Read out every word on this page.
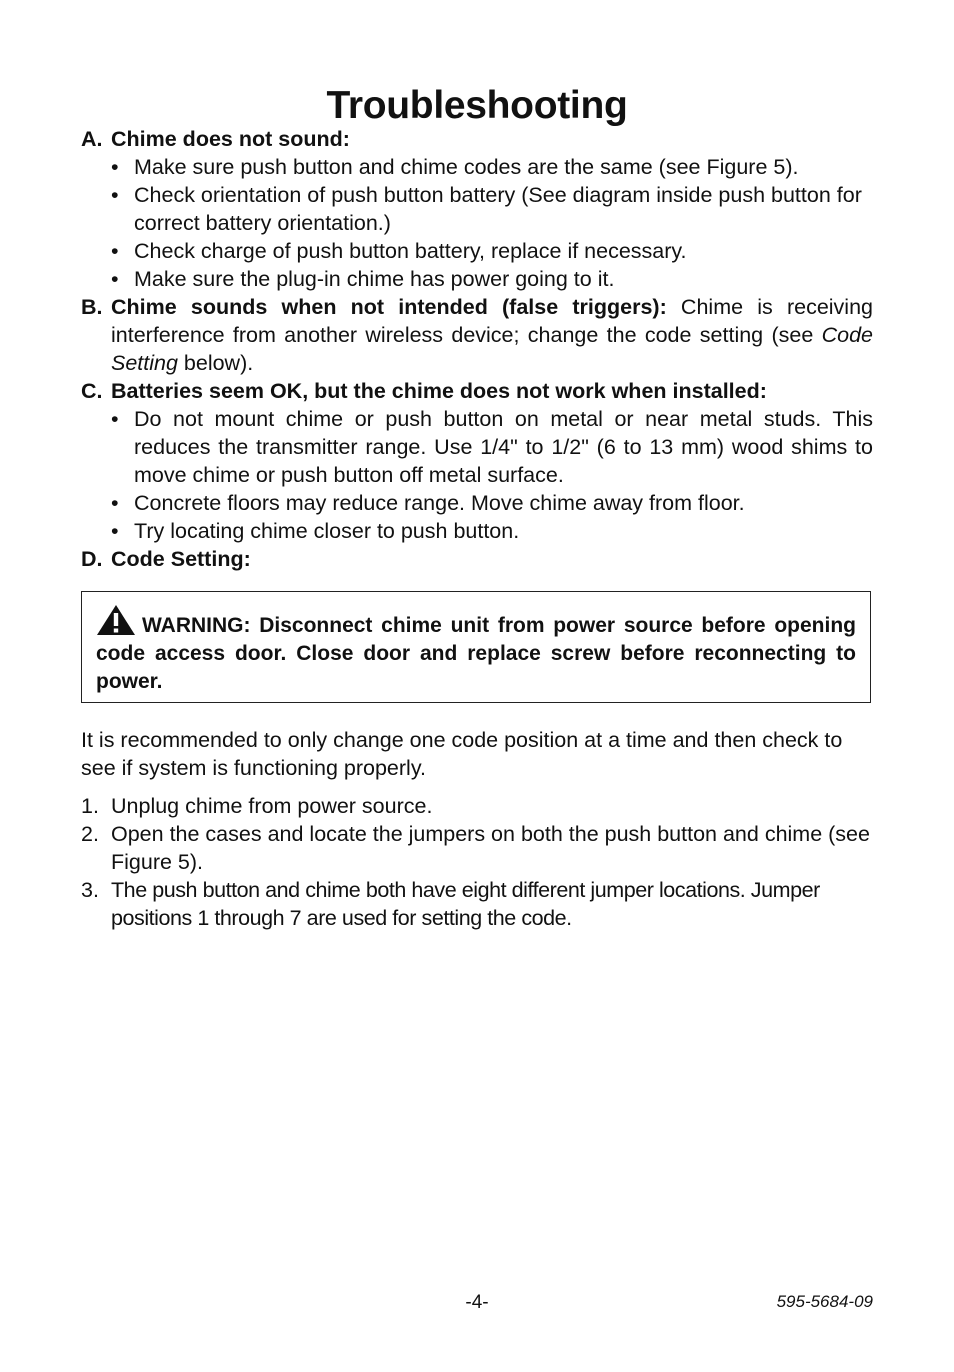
Troubleshooting
A. Chime does not sound:
• Make sure push button and chime codes are the same (see Figure 5).
• Check orientation of push button battery (See diagram inside push button for correct battery orientation.)
• Check charge of push button battery, replace if necessary.
• Make sure the plug-in chime has power going to it.
B. Chime sounds when not intended (false triggers): Chime is receiving interference from another wireless device; change the code setting (see Code Setting below).
C. Batteries seem OK, but the chime does not work when installed:
• Do not mount chime or push button on metal or near metal studs. This reduces the transmitter range. Use 1/4" to 1/2" (6 to 13 mm) wood shims to move chime or push button off metal surface.
• Concrete floors may reduce range. Move chime away from floor.
• Try locating chime closer to push button.
D. Code Setting:
WARNING: Disconnect chime unit from power source before opening code access door. Close door and replace screw before reconnecting to power.
It is recommended to only change one code position at a time and then check to see if system is functioning properly.
1. Unplug chime from power source.
2. Open the cases and locate the jumpers on both the push button and chime (see Figure 5).
3. The push button and chime both have eight different jumper locations. Jumper positions 1 through 7 are used for setting the code.
-4-	595-5684-09
